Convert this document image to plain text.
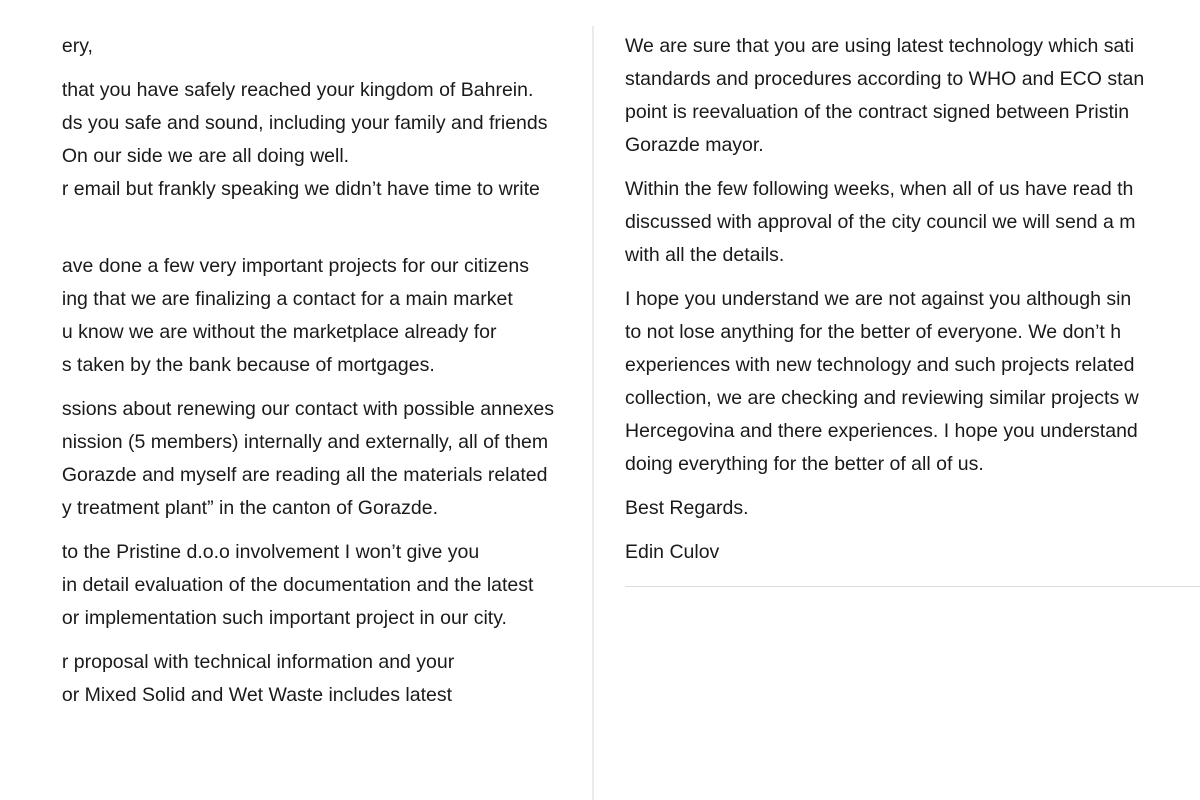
ery,
that you have safely reached your kingdom of Bahrein.
ds you safe and sound, including your family and friends
On our side we are all doing well.
r email but frankly speaking we didn’t have time to write
ave done a few very important projects for our citizens
ing that we are finalizing a contact for a main market
u know we are without the marketplace already for
s taken by the bank because of mortgages.
ssions about renewing our contact with possible annexes
nission (5 members) internally and externally, all of them
Gorazde and myself are reading all the materials related
y treatment plant” in the canton of Gorazde.
to the Pristine d.o.o involvement I won’t give you
in detail evaluation of the documentation and the latest
or implementation such important project in our city.
r proposal with technical information and your
or Mixed Solid and Wet Waste includes latest
We are sure that you are using latest technology which sati
standards and procedures according to WHO and ECO stan
point is reevaluation of the contract signed between Pristin
Gorazde mayor.
Within the few following weeks, when all of us have read th
discussed with approval of the city council we will send a m
with all the details.
I hope you understand we are not against you although sin
to not lose anything for the better of everyone. We don’t h
experiences with new technology and such projects related
collection, we are checking and reviewing similar projects w
Hercegovina and there experiences. I hope you understand
doing everything for the better of all of us.
Best Regards.
Edin Culov
